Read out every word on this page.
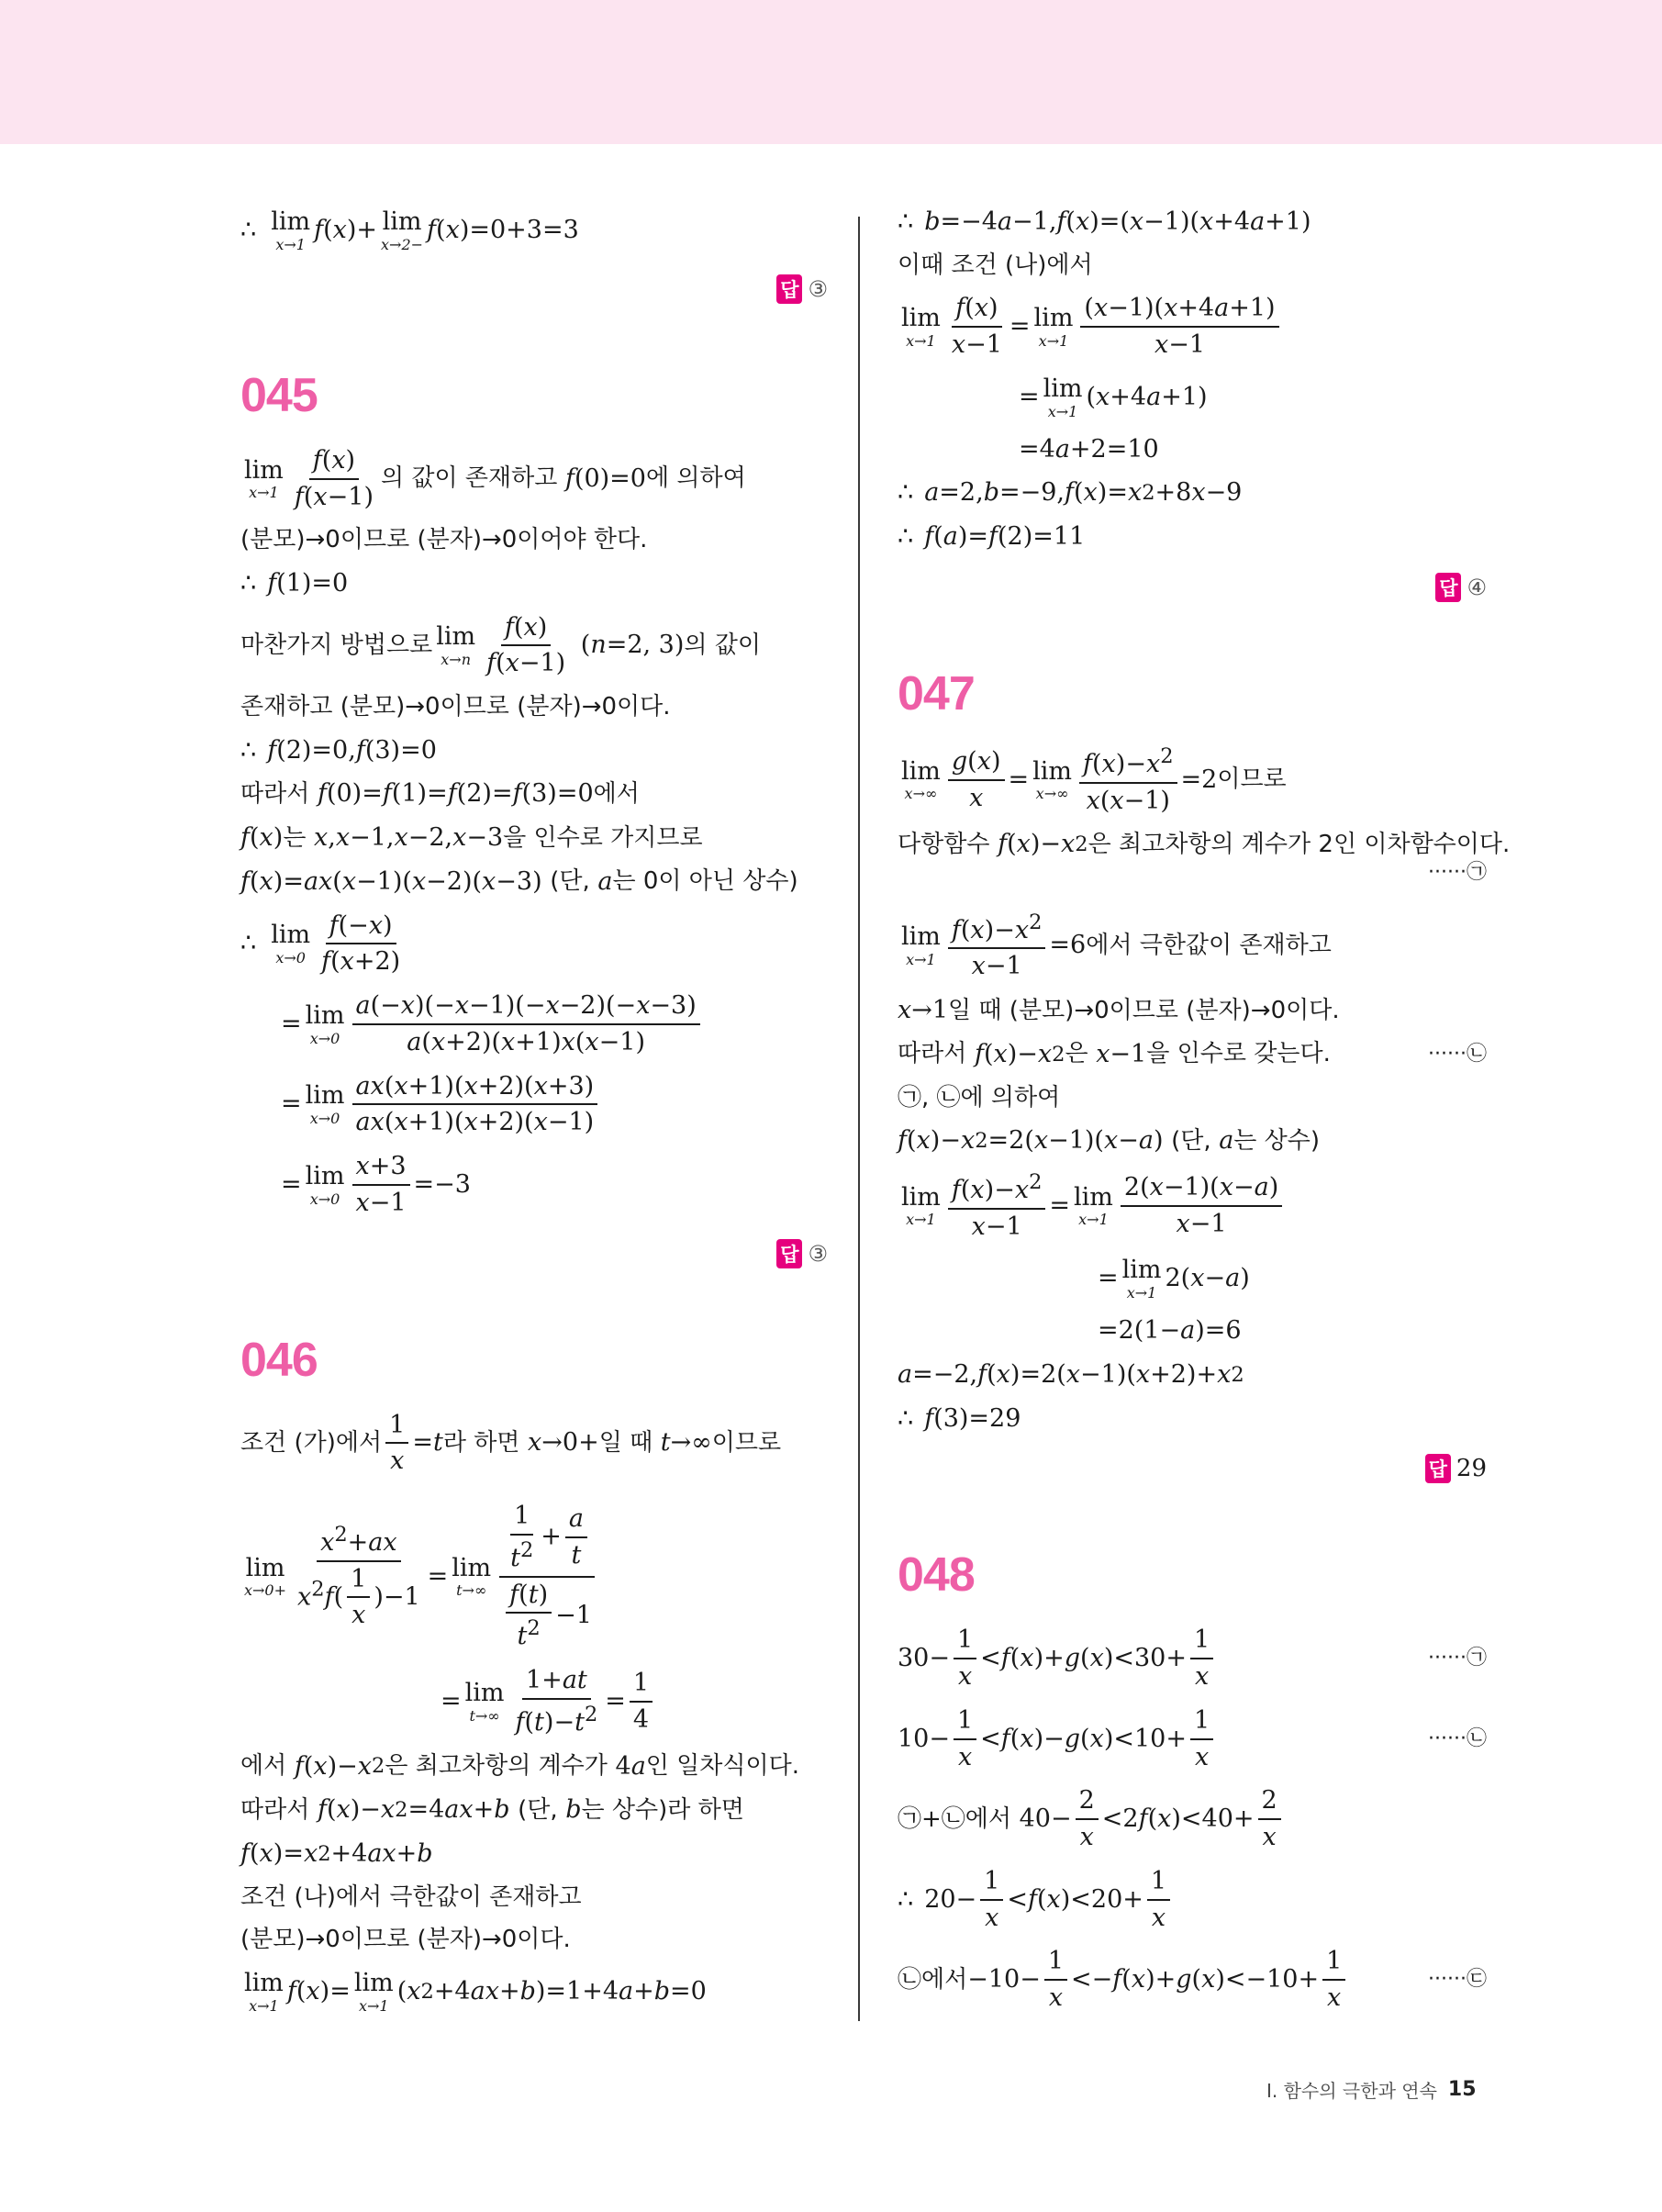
∴ lim
x→1
f ( x )+ lim
x→2−
f ( x )=0+3=3
답 ③
045
lim
$x\to 1 \frac{f(x)}{f(x-1)}$ 의 값이 존재하고
f (0)=0 에 의하여
(분모)→0이므로 (분자)→0이어야 한다.
∴ f (1)=0
마찬가지 방법으로 lim
$x\to n \frac{f(x)}{f(x-1)}$ ( n =2, 3) 의 값이
존재하고 (분모)→0이므로 (분자)→0이다.
∴ f (2)=0, f (3)=0
따라서
f (0)= f (1)= f (2)= f (3)=0 에서
f ( x ) 는
x , x −1, x −2, x −3 을 인수로 가지므로
f ( x )= ax ( x −1)( x −2)( x −3) (단,
a 는 0이 아닌 상수)
∴ lim
$x\to 0 \frac{f(-x)}{f(x+2)}$
= lim
$x\to 0 \frac{a(-x)(-x-1)(-x-2)(-x-3)}{a(x+2)(x+1)x(x-1)}$
= lim
$x\to 0 \frac{ax(x+1)(x+2)(x+3)}{ax(x+1)(x+2)(x-1)}$
= lim
$x\to 0 \frac{x+3}{x-1} =-3$
답 ③
046
조건 (가)에서 $\frac{1}{x} = t$ 라 하면
x →0+ 일 때
t →∞ 이므로
lim
$x\to 0+ \frac{x^2+ax}{x^2f( \frac{1}{x} )-1} = \lim$
$t\to\infty \frac{\frac{1}{t^2} + \frac{a}{t}}{\frac{f(t)}{t^2} -1}$
= lim
$t\to\infty \frac{1+at}{f(t)-t^2} = \frac{1}{4}$
에서
f ( x )− x 2 은 최고차항의 계수가 4 a 인 일차식이다.
따라서
f ( x )− x 2 =4 ax + b
(단,
b 는 상수)라 하면
f ( x )= x 2 +4 ax + b
조건 (나)에서 극한값이 존재하고
(분모)→0이므로 (분자)→0이다.
lim
x→1
f ( x )= lim
x→1
( x 2 +4 ax + b )=1+4 a + b =0
∴ b =−4 a −1, f ( x )=( x −1)( x +4 a +1)
이때 조건 (나)에서
lim
$x\to 1 \frac{f(x)}{x-1} = \lim$
$x\to 1 \frac{(x-1)(x+4a+1)}{x-1}$
= lim
x→1
( x +4 a +1)
=4 a +2=10
∴ a =2, b =−9, f ( x )= x 2 +8 x −9
∴ f ( a )= f (2)=11
답 ④
047
lim
$x\to\infty \frac{g(x)}{x} = \lim$
$x\to\infty \frac{f(x)-x^2}{x(x-1)} =2$ 이므로
다항함수
f ( x )− x 2 은 최고차항의 계수가 2인 이차함수이다.
······㉠
lim
$x\to 1 \frac{f(x)-x^2}{x-1} =6$ 에서 극한값이 존재하고
x →1 일 때 (분모)→0이므로 (분자)→0이다.
따라서
f ( x )− x 2 은
x −1 을 인수로 갖는다.	······㉡
㉠, ㉡에 의하여
f ( x )− x 2 =2( x −1)( x − a ) (단,
a 는 상수)
lim
$x\to 1 \frac{f(x)-x^2}{x-1} = \lim$
$x\to 1 \frac{2(x-1)(x-a)}{x-1}$
= lim
x→1
2( x − a )
=2(1− a )=6
a =−2, f ( x )=2( x −1)( x +2)+ x 2
∴ f (3)=29
답 29
048
$30- \frac{1}{x} < f$ ( x )+ g ( x )$<30+ \frac{1}{x}$	······㉠
$10- \frac{1}{x} < f$ ( x )− g ( x )$<10+ \frac{1}{x}$	······㉡
㉠+㉡에서 $40- \frac{2}{x} <2$ f ( x )$<40+ \frac{2}{x}$
∴ $20- \frac{1}{x} < f$ ( x )$<20+ \frac{1}{x}$
㉡에서 $-10- \frac{1}{x} <- f$ ( x )+ g ( x )$<-10+ \frac{1}{x}$	······㉢
Ⅰ. 함수의 극한과 연속 15
